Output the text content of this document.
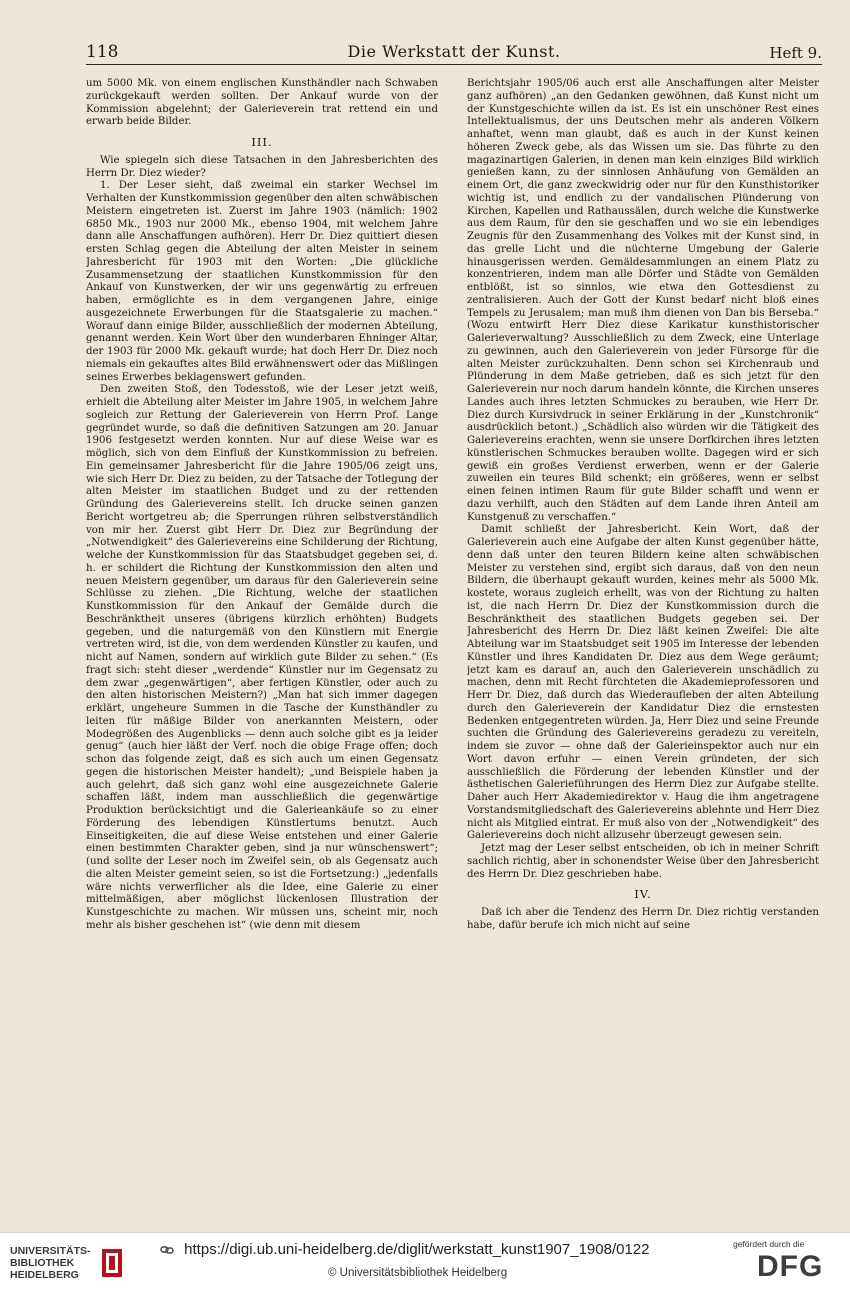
118	Die Werkstatt der Kunst.	Heft 9.

um 5000 Mk. von einem englischen Kunsthändler nach Schwaben zurückgekauft werden sollten. Der Ankauf wurde von der Kommission abgelehnt; der Galerieverein trat rettend ein und erwarb beide Bilder.

III.

Wie spiegeln sich diese Tatsachen in den Jahresberichten des Herrn Dr. Diez wieder?

1. Der Leser sieht, daß zweimal ein starker Wechsel im Verhalten der Kunstkommission gegenüber den alten schwäbischen Meistern eingetreten ist. Zuerst im Jahre 1903 (nämlich: 1902 6850 Mk., 1903 nur 2000 Mk., ebenso 1904, mit welchem Jahre dann alle Anschaffungen aufhören). Herr Dr. Diez quittiert diesen ersten Schlag gegen die Abteilung der alten Meister in seinem Jahresbericht für 1903 mit den Worten: „Die glückliche Zusammensetzung der staatlichen Kunstkommission für den Ankauf von Kunstwerken, der wir uns gegenwärtig zu erfreuen haben, ermöglichte es in dem vergangenen Jahre, einige ausgezeichnete Erwerbungen für die Staatsgalerie zu machen.“ Worauf dann einige Bilder, ausschließlich der modernen Abteilung, genannt werden. Kein Wort über den wunderbaren Ehninger Altar, der 1903 für 2000 Mk. gekauft wurde; hat doch Herr Dr. Diez noch niemals ein gekauftes altes Bild erwähnenswert oder das Mißlingen seines Erwerbes beklagenswert gefunden.

Den zweiten Stoß, den Todesstoß, wie der Leser jetzt weiß, erhielt die Abteilung alter Meister im Jahre 1905, in welchem Jahre sogleich zur Rettung der Galerieverein von Herrn Prof. Lange gegründet wurde, so daß die definitiven Satzungen am 20. Januar 1906 festgesetzt werden konnten. Nur auf diese Weise war es möglich, sich von dem Einfluß der Kunstkommission zu befreien. Ein gemeinsamer Jahresbericht für die Jahre 1905/06 zeigt uns, wie sich Herr Dr. Diez zu beiden, zu der Tatsache der Totlegung der alten Meister im staatlichen Budget und zu der rettenden Gründung des Galerievereins stellt. Ich drucke seinen ganzen Bericht wortgetreu ab; die Sperrungen rühren selbstverständlich von mir her. Zuerst gibt Herr Dr. Diez zur Begründung der „Notwendigkeit“ des Galerievereins eine Schilderung der Richtung, welche der Kunstkommission für das Staatsbudget gegeben sei, d. h. er schildert die Richtung der Kunstkommission den alten und neuen Meistern gegenüber, um daraus für den Galerieverein seine Schlüsse zu ziehen. „Die Richtung, welche der staatlichen Kunstkommission für den Ankauf der Gemälde durch die Beschränktheit unseres (übrigens kürzlich erhöhten) Budgets gegeben, und die naturgemäß von den Künstlern mit Energie vertreten wird, ist die, von dem werdenden Künstler zu kaufen, und nicht auf Namen, sondern auf wirklich gute Bilder zu sehen.“ (Es fragt sich: steht dieser „werdende“ Künstler nur im Gegensatz zu dem zwar „gegenwärtigen“, aber fertigen Künstler, oder auch zu den alten historischen Meistern?) „Man hat sich immer dagegen erklärt, ungeheure Summen in die Tasche der Kunsthändler zu leiten für mäßige Bilder von anerkannten Meistern, oder Modegrößen des Augenblicks — denn auch solche gibt es ja leider genug“ (auch hier läßt der Verf. noch die obige Frage offen; doch schon das folgende zeigt, daß es sich auch um einen Gegensatz gegen die historischen Meister handelt); „und Beispiele haben ja auch gelehrt, daß sich ganz wohl eine ausgezeichnete Galerie schaffen läßt, indem man ausschließlich die gegenwärtige Produktion berücksichtigt und die Galerieankäufe so zu einer Förderung des lebendigen Künstlertums benutzt. Auch Einseitigkeiten, die auf diese Weise entstehen und einer Galerie einen bestimmten Charakter geben, sind ja nur wünschenswert“; (und sollte der Leser noch im Zweifel sein, ob als Gegensatz auch die alten Meister gemeint seien, so ist die Fortsetzung:) „jedenfalls wäre nichts verwerflicher als die Idee, eine Galerie zu einer mittelmäßigen, aber möglichst lückenlosen Illustration der Kunstgeschichte zu machen. Wir müssen uns, scheint mir, noch mehr als bisher geschehen ist“ (wie denn mit diesem

Berichtsjahr 1905/06 auch erst alle Anschaffungen alter Meister ganz aufhören) „an den Gedanken gewöhnen, daß Kunst nicht um der Kunstgeschichte willen da ist. Es ist ein unschöner Rest eines Intellektualismus, der uns Deutschen mehr als anderen Völkern anhaftet, wenn man glaubt, daß es auch in der Kunst keinen höheren Zweck gebe, als das Wissen um sie. Das führte zu den magazinartigen Galerien, in denen man kein einziges Bild wirklich genießen kann, zu der sinnlosen Anhäufung von Gemälden an einem Ort, die ganz zweckwidrig oder nur für den Kunsthistoriker wichtig ist, und endlich zu der vandalischen Plünderung von Kirchen, Kapellen und Rathaussälen, durch welche die Kunstwerke aus dem Raum, für den sie geschaffen und wo sie ein lebendiges Zeugnis für den Zusammenhang des Volkes mit der Kunst sind, in das grelle Licht und die nüchterne Umgebung der Galerie hinausgerissen werden. Gemäldesammlungen an einem Platz zu konzentrieren, indem man alle Dörfer und Städte von Gemälden entblößt, ist so sinnlos, wie etwa den Gottesdienst zu zentralisieren. Auch der Gott der Kunst bedarf nicht bloß eines Tempels zu Jerusalem; man muß ihm dienen von Dan bis Berseba.“ (Wozu entwirft Herr Diez diese Karikatur kunsthistorischer Galerieverwaltung? Ausschließlich zu dem Zweck, eine Unterlage zu gewinnen, auch den Galerieverein von jeder Fürsorge für die alten Meister zurückzuhalten. Denn schon sei Kirchenraub und Plünderung in dem Maße getrieben, daß es sich jetzt für den Galerieverein nur noch darum handeln könnte, die Kirchen unseres Landes auch ihres letzten Schmuckes zu berauben, wie Herr Dr. Diez durch Kursivdruck in seiner Erklärung in der „Kunstchronik“ ausdrücklich betont.) „Schädlich also würden wir die Tätigkeit des Galerievereins erachten, wenn sie unsere Dorfkirchen ihres letzten künstlerischen Schmuckes berauben wollte. Dagegen wird er sich gewiß ein großes Verdienst erwerben, wenn er der Galerie zuweilen ein teures Bild schenkt; ein größeres, wenn er selbst einen feinen intimen Raum für gute Bilder schafft und wenn er dazu verhilft, auch den Städten auf dem Lande ihren Anteil am Kunstgenuß zu verschaffen.“

Damit schließt der Jahresbericht. Kein Wort, daß der Galerieverein auch eine Aufgabe der alten Kunst gegenüber hätte, denn daß unter den teuren Bildern keine alten schwäbischen Meister zu verstehen sind, ergibt sich daraus, daß von den neun Bildern, die überhaupt gekauft wurden, keines mehr als 5000 Mk. kostete, woraus zugleich erhellt, was von der Richtung zu halten ist, die nach Herrn Dr. Diez der Kunstkommission durch die Beschränktheit des staatlichen Budgets gegeben sei. Der Jahresbericht des Herrn Dr. Diez läßt keinen Zweifel: Die alte Abteilung war im Staatsbudget seit 1905 im Interesse der lebenden Künstler und ihres Kandidaten Dr. Diez aus dem Wege geräumt; jetzt kam es darauf an, auch den Galerieverein unschädlich zu machen, denn mit Recht fürchteten die Akademieprofessoren und Herr Dr. Diez, daß durch das Wiederaufleben der alten Abteilung durch den Galerieverein der Kandidatur Diez die ernstesten Bedenken entgegentreten würden. Ja, Herr Diez und seine Freunde suchten die Gründung des Galerievereins geradezu zu vereiteln, indem sie zuvor — ohne daß der Galerieinspektor auch nur ein Wort davon erfuhr — einen Verein gründeten, der sich ausschließlich die Förderung der lebenden Künstler und der ästhetischen Galerieführungen des Herrn Diez zur Aufgabe stellte. Daher auch Herr Akademiedirektor v. Haug die ihm angetragene Vorstandsmitgliedschaft des Galerievereins ablehnte und Herr Diez nicht als Mitglied eintrat. Er muß also von der „Notwendigkeit“ des Galerievereins doch nicht allzusehr überzeugt gewesen sein.

Jetzt mag der Leser selbst entscheiden, ob ich in meiner Schrift sachlich richtig, aber in schonendster Weise über den Jahresbericht des Herrn Dr. Diez geschrieben habe.

IV.

Daß ich aber die Tendenz des Herrn Dr. Diez richtig verstanden habe, dafür berufe ich mich nicht auf seine

UNIVERSITÄTS-
BIBLIOTHEK
HEIDELBERG
https://digi.ub.uni-heidelberg.de/diglit/werkstatt_kunst1907_1908/0122
© Universitätsbibliothek Heidelberg
gefördert durch die
DFG
